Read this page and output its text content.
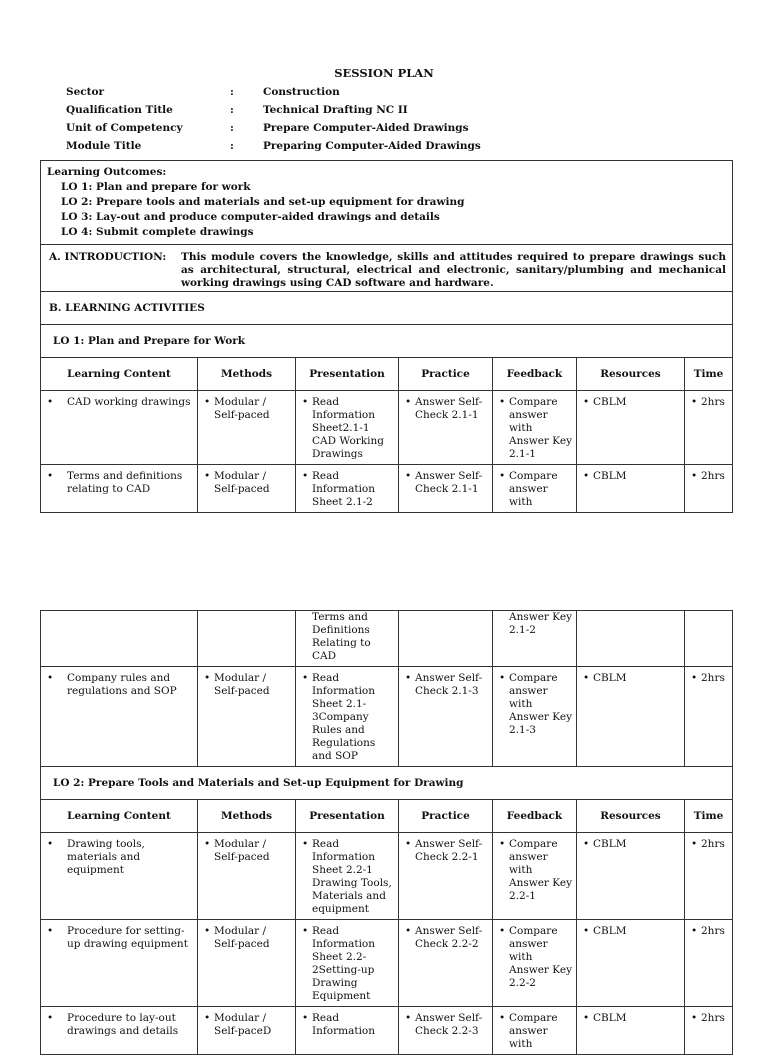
SESSION PLAN
Sector	:	Construction
Qualification Title	:	Technical Drafting NC II
Unit of Competency	:	Prepare Computer-Aided Drawings
Module Title	:	Preparing Computer-Aided Drawings
Learning Outcomes:
LO 1: Plan and prepare for work
LO 2: Prepare tools and materials and set-up equipment for drawing
LO 3: Lay-out and produce computer-aided drawings and details
LO 4: Submit complete drawings						

A. INTRODUCTION: This module covers the knowledge, skills and attitudes required to prepare drawings such as architectural, structural, electrical and electronic, sanitary/plumbing and mechanical working drawings using CAD software and hardware.						

B. LEARNING ACTIVITIES						
LO 1: Plan and Prepare for Work						
Learning Content	Methods	Presentation	Practice	Feedback	Resources	Time

• CAD working drawings	• Modular / Self-paced	• Read Information Sheet2.1-1 CAD Working Drawings	• Answer Self-Check 2.1-1	• Compare answer with Answer Key 2.1-1	• CBLM	• 2hrs

• Terms and definitions relating to CAD	• Modular / Self-paced	• Read Information Sheet 2.1-2	• Answer Self-Check 2.1-1	• Compare answer with	• CBLM	• 2hrs

		Terms and Definitions Relating to CAD		Answer Key 2.1-2		

• Company rules and regulations and SOP	• Modular / Self-paced	• Read Information Sheet 2.1-3Company Rules and Regulations and SOP	• Answer Self-Check 2.1-3	• Compare answer with Answer Key 2.1-3	• CBLM	• 2hrs

LO 2: Prepare Tools and Materials and Set-up Equipment for Drawing						
Learning Content	Methods	Presentation	Practice	Feedback	Resources	Time

• Drawing tools, materials and equipment	• Modular / Self-paced	• Read Information Sheet 2.2-1 Drawing Tools, Materials and equipment	• Answer Self-Check 2.2-1	• Compare answer with Answer Key 2.2-1	• CBLM	• 2hrs

• Procedure for setting-up drawing equipment	• Modular / Self-paced	• Read Information Sheet 2.2-2Setting-up Drawing Equipment	• Answer Self-Check 2.2-2	• Compare answer with Answer Key 2.2-2	• CBLM	• 2hrs

• Procedure to lay-out drawings and details	• Modular / Self-paceD	• Read Information	• Answer Self-Check 2.2-3	• Compare answer with	• CBLM	• 2hrs
